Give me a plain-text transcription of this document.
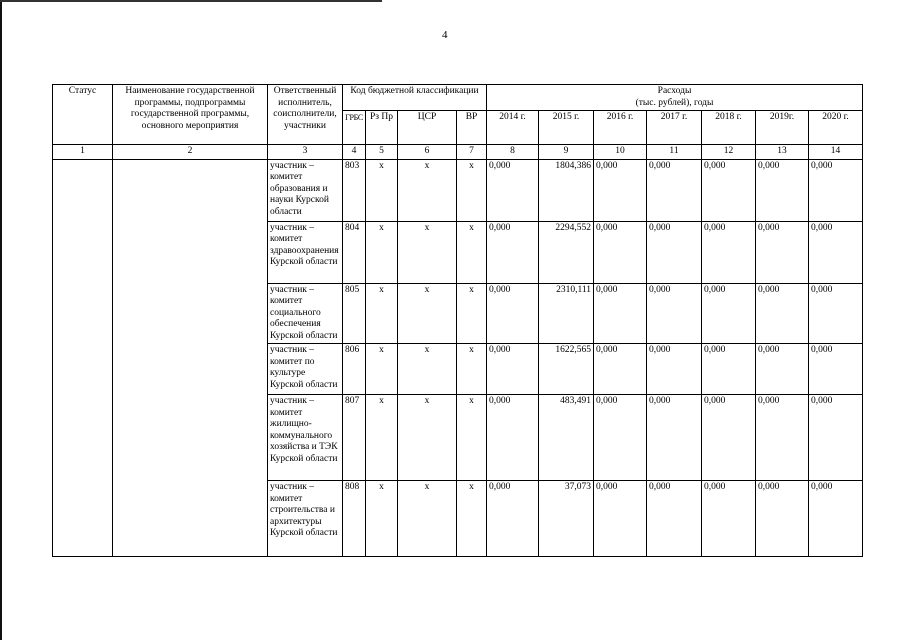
4
Статус	Наименование государственной программы, подпрограммы государственной программы, основного мероприятия	Ответственный исполнитель, соисполнители, участники	Код бюджетной классификации				Расходы
(тыс. рублей), годы						
			ГРБС	Рз Пр	ЦСР	ВР	2014 г.	2015 г.	2016 г.	2017 г.	2018 г.	2019г.	2020 г.
1	2	3	4	5	6	7	8	9	10	11	12	13	14
		участник – комитет образования и науки Курской области	803	x	x	x	0,000	1804,386	0,000	0,000	0,000	0,000	0,000
		участник – комитет здравоохранения Курской области	804	x	x	x	0,000	2294,552	0,000	0,000	0,000	0,000	0,000
		участник – комитет социального обеспечения Курской области	805	x	x	x	0,000	2310,111	0,000	0,000	0,000	0,000	0,000
		участник – комитет по культуре Курской области	806	x	x	x	0,000	1622,565	0,000	0,000	0,000	0,000	0,000
		участник – комитет жилищно-коммунального хозяйства и ТЭК Курской области	807	x	x	x	0,000	483,491	0,000	0,000	0,000	0,000	0,000
		участник – комитет строительства и архитектуры Курской области	808	x	x	x	0,000	37,073	0,000	0,000	0,000	0,000	0,000
